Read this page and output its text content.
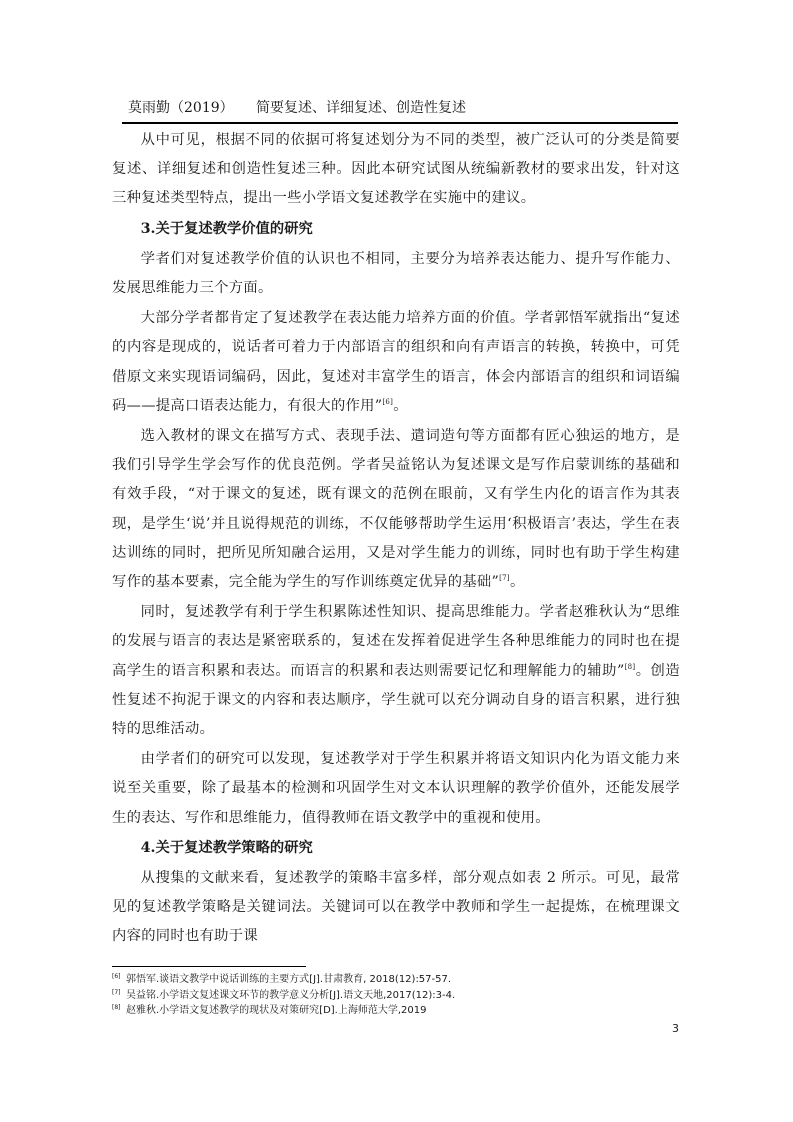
莫雨勤（2019）	简要复述、详细复述、创造性复述

从中可见，根据不同的依据可将复述划分为不同的类型，被广泛认可的分类是简要复述、详细复述和创造性复述三种。因此本研究试图从统编新教材的要求出发，针对这三种复述类型特点，提出一些小学语文复述教学在实施中的建议。

3.关于复述教学价值的研究

学者们对复述教学价值的认识也不相同，主要分为培养表达能力、提升写作能力、发展思维能力三个方面。

大部分学者都肯定了复述教学在表达能力培养方面的价值。学者郭悟军就指出“复述的内容是现成的，说话者可着力于内部语言的组织和向有声语言的转换，转换中，可凭借原文来实现语词编码，因此，复述对丰富学生的语言，体会内部语言的组织和词语编码——提高口语表达能力，有很大的作用”[6]。

选入教材的课文在描写方式、表现手法、遣词造句等方面都有匠心独运的地方，是我们引导学生学会写作的优良范例。学者吴益铭认为复述课文是写作启蒙训练的基础和有效手段，“对于课文的复述，既有课文的范例在眼前，又有学生内化的语言作为其表现，是学生‘说’并且说得规范的训练，不仅能够帮助学生运用‘积极语言’表达，学生在表达训练的同时，把所见所知融合运用，又是对学生能力的训练，同时也有助于学生构建写作的基本要素，完全能为学生的写作训练奠定优异的基础”[7]。

同时，复述教学有利于学生积累陈述性知识、提高思维能力。学者赵雅秋认为“思维的发展与语言的表达是紧密联系的，复述在发挥着促进学生各种思维能力的同时也在提高学生的语言积累和表达。而语言的积累和表达则需要记忆和理解能力的辅助”[8]。创造性复述不拘泥于课文的内容和表达顺序，学生就可以充分调动自身的语言积累，进行独特的思维活动。

由学者们的研究可以发现，复述教学对于学生积累并将语文知识内化为语文能力来说至关重要，除了最基本的检测和巩固学生对文本认识理解的教学价值外，还能发展学生的表达、写作和思维能力，值得教师在语文教学中的重视和使用。

4.关于复述教学策略的研究

从搜集的文献来看，复述教学的策略丰富多样，部分观点如表 2 所示。可见，最常见的复述教学策略是关键词法。关键词可以在教学中教师和学生一起提炼，在梳理课文内容的同时也有助于课

[6] 郭悟军.谈语文教学中说话训练的主要方式[J].甘肃教育, 2018(12):57-57.
[7] 吴益铭.小学语文复述课文环节的教学意义分析[J].语文天地,2017(12):3-4.
[8] 赵雅秋.小学语文复述教学的现状及对策研究[D].上海师范大学,2019
3
